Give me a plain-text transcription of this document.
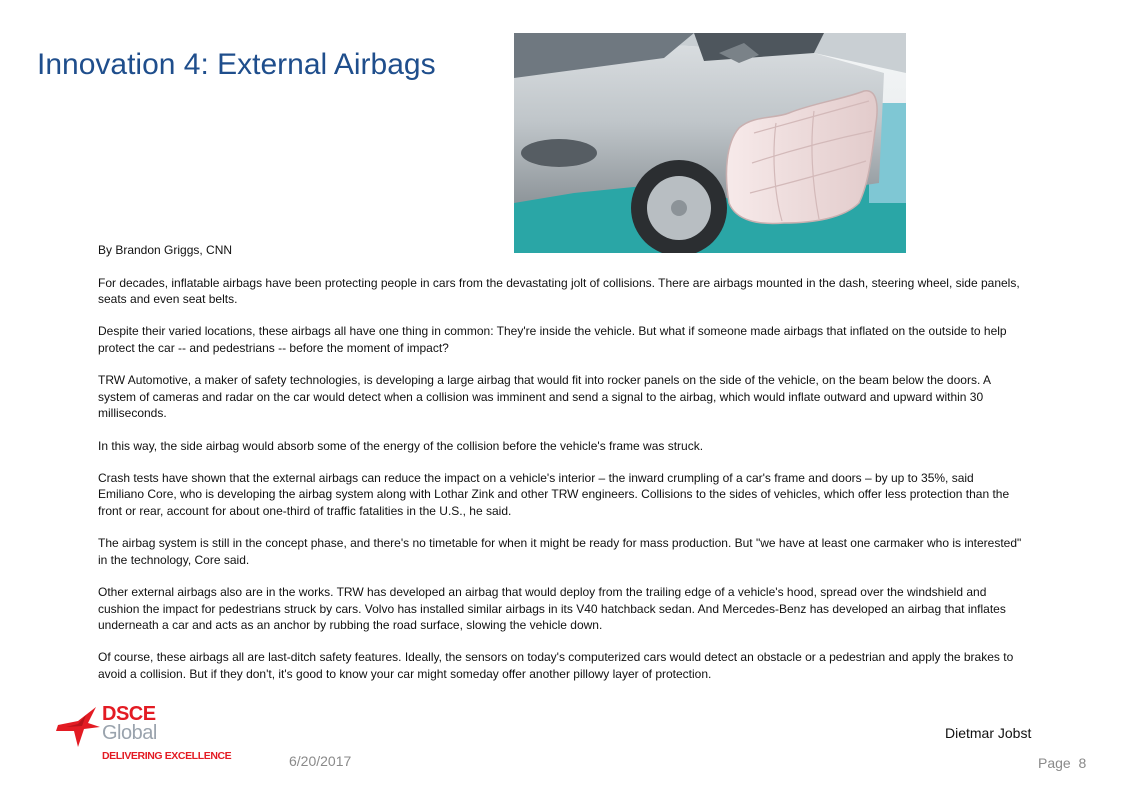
Innovation 4: External Airbags

By Brandon Griggs, CNN

For decades, inflatable airbags have been protecting people in cars from the devastating jolt of collisions. There are airbags mounted in the dash, steering wheel, side panels, seats and even seat belts.

Despite their varied locations, these airbags all have one thing in common: They're inside the vehicle. But what if someone made airbags that inflated on the outside to help protect the car -- and pedestrians -- before the moment of impact?

TRW Automotive, a maker of safety technologies, is developing a large airbag that would fit into rocker panels on the side of the vehicle, on the beam below the doors. A system of cameras and radar on the car would detect when a collision was imminent and send a signal to the airbag, which would inflate outward and upward within 30 milliseconds.

In this way, the side airbag would absorb some of the energy of the collision before the vehicle's frame was struck.

Crash tests have shown that the external airbags can reduce the impact on a vehicle's interior – the inward crumpling of a car's frame and doors – by up to 35%, said Emiliano Core, who is developing the airbag system along with Lothar Zink and other TRW engineers. Collisions to the sides of vehicles, which offer less protection than the front or rear, account for about one-third of traffic fatalities in the U.S., he said.

The airbag system is still in the concept phase, and there's no timetable for when it might be ready for mass production. But "we have at least one carmaker who is interested" in the technology, Core said.

Other external airbags also are in the works. TRW has developed an airbag that would deploy from the trailing edge of a vehicle's hood, spread over the windshield and cushion the impact for pedestrians struck by cars. Volvo has installed similar airbags in its V40 hatchback sedan. And Mercedes-Benz has developed an airbag that inflates underneath a car and acts as an anchor by rubbing the road surface, slowing the vehicle down.

Of course, these airbags all are last-ditch safety features. Ideally, the sensors on today's computerized cars would detect an obstacle or a pedestrian and apply the brakes to avoid a collision. But if they don't, it's good to know your car might someday offer another pillowy layer of protection.

DSCE
Global
DELIVERING EXCELLENCE	6/20/2017
Dietmar Jobst
Page 8
